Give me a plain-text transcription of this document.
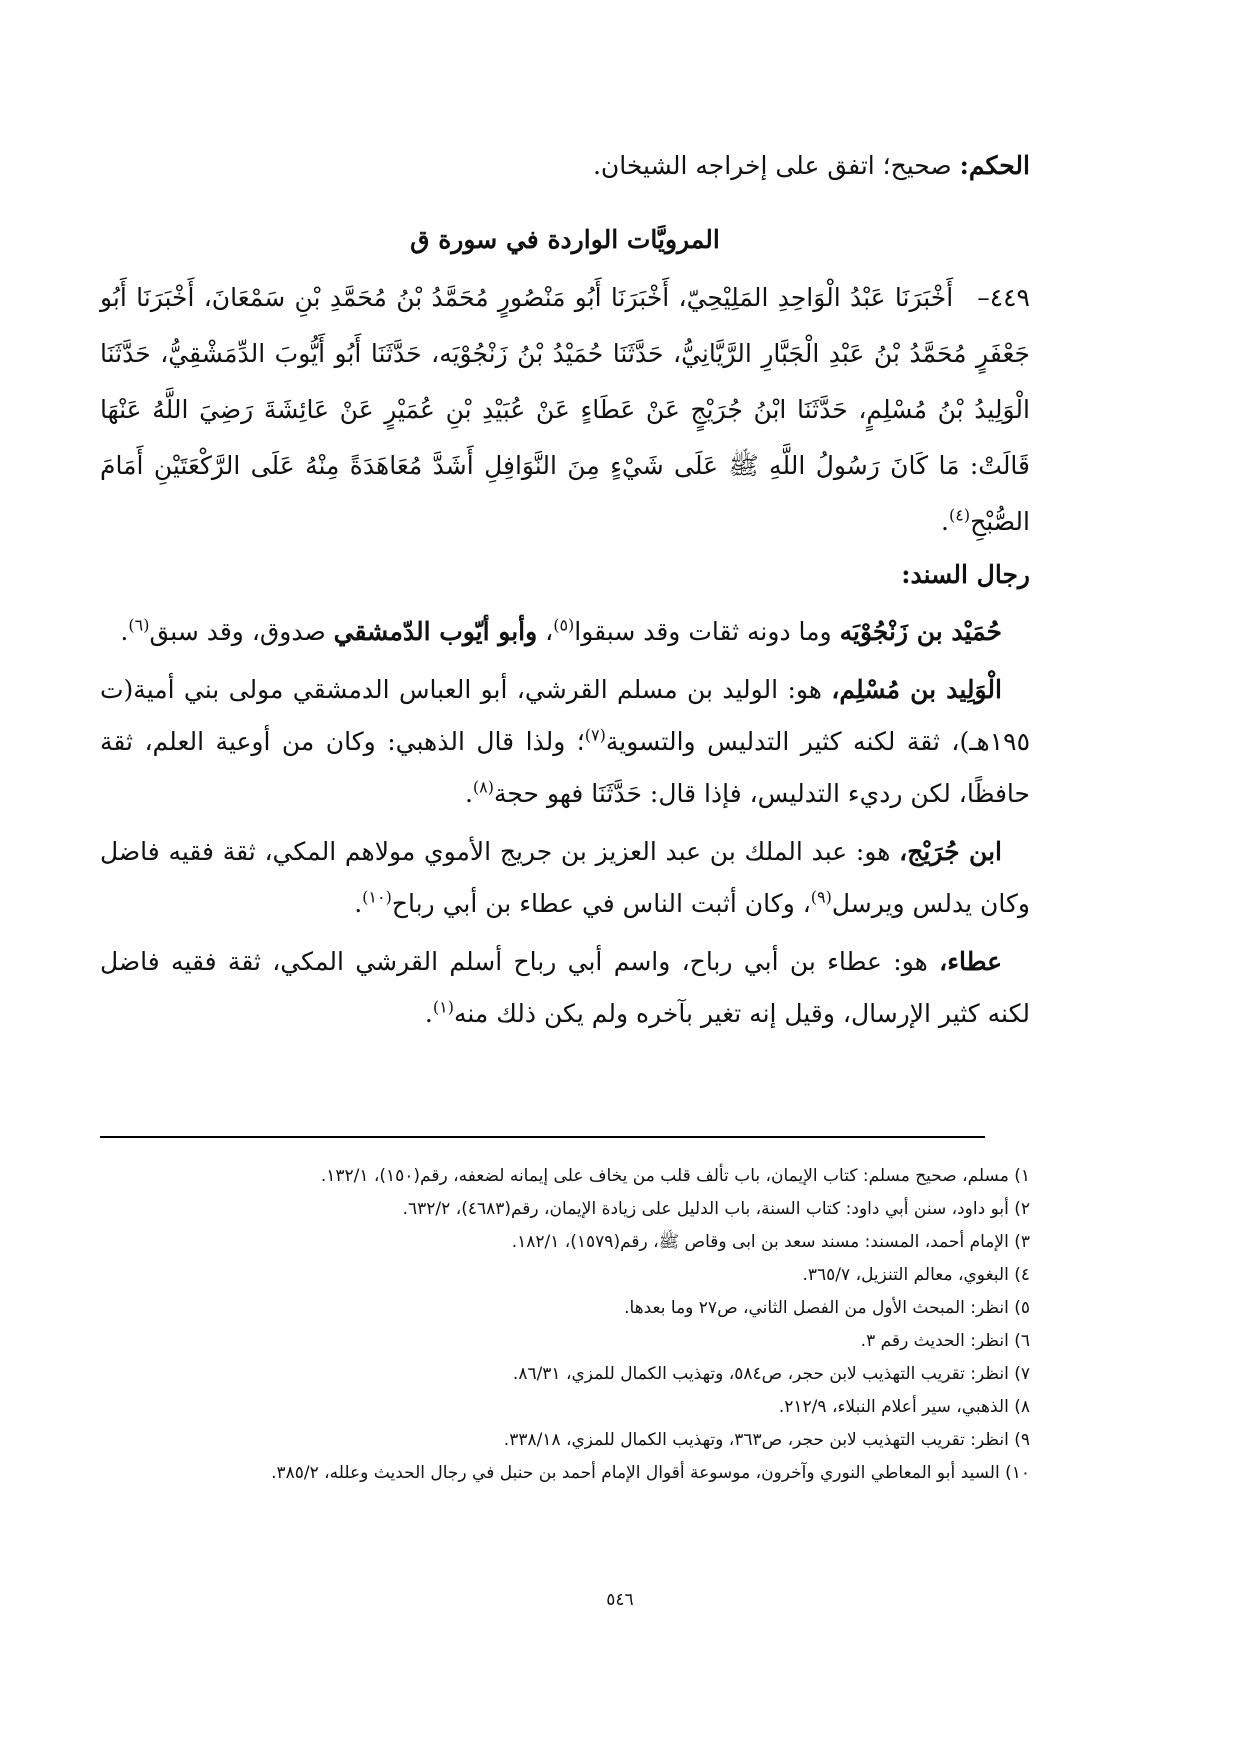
الحكم: صحيح؛ اتفق على إخراجه الشيخان.

المرويَّات الواردة في سورة ق

٤٤٩–أَخْبَرَنَا عَبْدُ الْوَاحِدِ المَلِيْحِيّ، أَخْبَرَنَا أَبُو مَنْصُورٍ مُحَمَّدُ بْنُ مُحَمَّدِ بْنِ سَمْعَانَ، أَخْبَرَنَا أَبُو جَعْفَرٍ مُحَمَّدُ بْنُ عَبْدِ الْجَبَّارِ الرَّيَّانِيُّ، حَدَّثَنَا حُمَيْدُ بْنُ زَنْجُوْيَه، حَدَّثَنَا أَبُو أَيُّوبَ الدِّمَشْقِيُّ، حَدَّثَنَا الْوَلِيدُ بْنُ مُسْلِمٍ، حَدَّثَنَا ابْنُ جُرَيْجٍ عَنْ عَطَاءٍ عَنْ عُبَيْدِ بْنِ عُمَيْرٍ عَنْ عَائِشَةَ رَضِيَ اللَّهُ عَنْهَا قَالَتْ: مَا كَانَ رَسُولُ اللَّهِ ﷺ عَلَى شَيْءٍ مِنَ النَّوَافِلِ أَشَدَّ مُعَاهَدَةً مِنْهُ عَلَى الرَّكْعَتَيْنِ أَمَامَ الصُّبْحِ$^{(٤)}$.

رجال السند:

حُمَيْد بن زَنْجُوْيَه وما دونه ثقات وقد سبقوا$^{(٥)}$، وأبو أيّوب الدّمشقي صدوق، وقد سبق$^{(٦)}$.

الْوَلِيد بن مُسْلِم، هو: الوليد بن مسلم القرشي، أبو العباس الدمشقي مولى بني أمية(ت ١٩٥هـ)، ثقة لكنه كثير التدليس والتسوية$^{(٧)}$؛ ولذا قال الذهبي: وكان من أوعية العلم، ثقة حافظًا، لكن رديء التدليس، فإذا قال: حَدَّثَنَا فهو حجة$^{(٨)}$.

ابن جُرَيْج، هو: عبد الملك بن عبد العزيز بن جريج الأموي مولاهم المكي، ثقة فقيه فاضل وكان يدلس ويرسل$^{(٩)}$، وكان أثبت الناس في عطاء بن أبي رباح$^{(١٠)}$.

عطاء، هو: عطاء بن أبي رباح، واسم أبي رباح أسلم القرشي المكي، ثقة فقيه فاضل لكنه كثير الإرسال، وقيل إنه تغير بآخره ولم يكن ذلك منه$^{(١)}$.

١) مسلم، صحيح مسلم: كتاب الإيمان، باب تألف قلب من يخاف على إيمانه لضعفه، رقم(١٥٠)، ١٣٢/١.

٢) أبو داود، سنن أبي داود: كتاب السنة، باب الدليل على زيادة الإيمان، رقم(٤٦٨٣)، ٦٣٢/٢.

٣) الإمام أحمد، المسند: مسند سعد بن ابى وقاص ﷺ، رقم(١٥٧٩)، ١٨٢/١.

٤) البغوي، معالم التنزيل، ٣٦٥/٧.

٥) انظر: المبحث الأول من الفصل الثاني، ص٢٧ وما بعدها.

٦) انظر: الحديث رقم ٣.

٧) انظر: تقريب التهذيب لابن حجر، ص٥٨٤، وتهذيب الكمال للمزي، ٨٦/٣١.

٨) الذهبي، سير أعلام النبلاء، ٢١٢/٩.

٩) انظر: تقريب التهذيب لابن حجر، ص٣٦٣، وتهذيب الكمال للمزي، ٣٣٨/١٨.

١٠) السيد أبو المعاطي النوري وآخرون، موسوعة أقوال الإمام أحمد بن حنبل في رجال الحديث وعلله، ٣٨٥/٢.

٥٤٦
